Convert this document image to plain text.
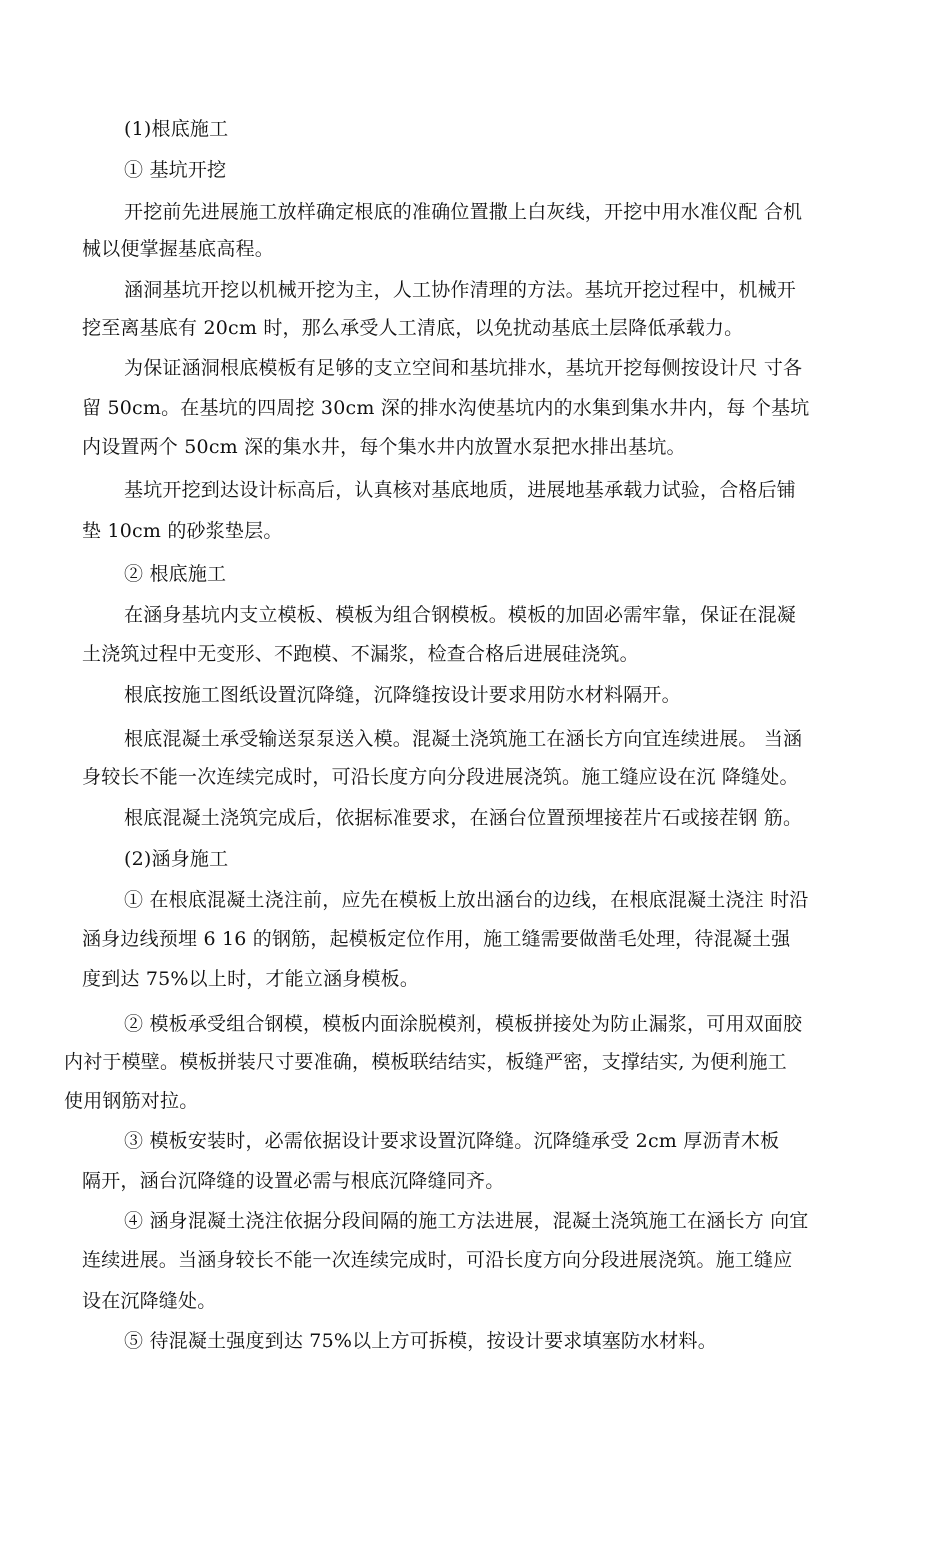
(1)根底施工
① 基坑开挖
开挖前先进展施工放样确定根底的准确位置撒上白灰线，开挖中用水准仪配 合机
械以便掌握基底高程。
涵洞基坑开挖以机械开挖为主，人工协作清理的方法。基坑开挖过程中，机械开
挖至离基底有 20cm 时，那么承受人工清底，以免扰动基底土层降低承载力。
为保证涵洞根底模板有足够的支立空间和基坑排水，基坑开挖每侧按设计尺 寸各
留 50cm。在基坑的四周挖 30cm 深的排水沟使基坑内的水集到集水井内，每 个基坑
内设置两个 50cm 深的集水井，每个集水井内放置水泵把水排出基坑。
基坑开挖到达设计标高后，认真核对基底地质，进展地基承载力试验，合格后铺
垫 10cm 的砂浆垫层。
② 根底施工
在涵身基坑内支立模板、模板为组合钢模板。模板的加固必需牢靠，保证在混凝
土浇筑过程中无变形、不跑模、不漏浆，检查合格后进展硅浇筑。
根底按施工图纸设置沉降缝，沉降缝按设计要求用防水材料隔开。
根底混凝土承受输送泵泵送入模。混凝土浇筑施工在涵长方向宜连续进展。 当涵
身较长不能一次连续完成时，可沿长度方向分段进展浇筑。施工缝应设在沉 降缝处。
根底混凝土浇筑完成后，依据标准要求，在涵台位置预埋接茬片石或接茬钢 筋。
(2)涵身施工
① 在根底混凝土浇注前，应先在模板上放出涵台的边线，在根底混凝土浇注 时沿
涵身边线预埋 6 16 的钢筋，起模板定位作用，施工缝需要做凿毛处理，待混凝土强
度到达 75%以上时，才能立涵身模板。
② 模板承受组合钢模，模板内面涂脱模剂，模板拼接处为防止漏浆，可用双面胶
内衬于模壁。模板拼装尺寸要准确，模板联结结实，板缝严密，支撑结实, 为便利施工
使用钢筋对拉。
③ 模板安装时，必需依据设计要求设置沉降缝。沉降缝承受 2cm 厚沥青木板
隔开，涵台沉降缝的设置必需与根底沉降缝同齐。
④ 涵身混凝土浇注依据分段间隔的施工方法进展，混凝土浇筑施工在涵长方 向宜
连续进展。当涵身较长不能一次连续完成时，可沿长度方向分段进展浇筑。施工缝应
设在沉降缝处。
⑤ 待混凝土强度到达 75%以上方可拆模，按设计要求填塞防水材料。
